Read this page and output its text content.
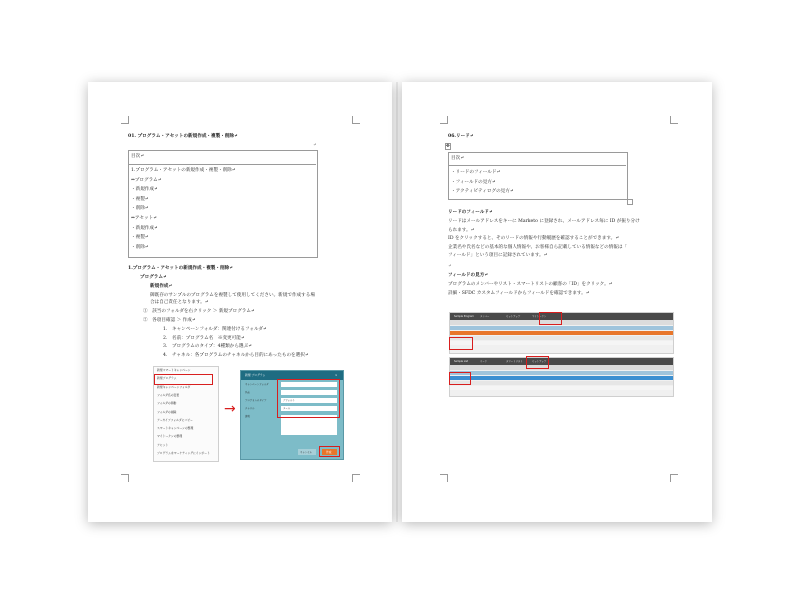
01. プログラム・アセットの新規作成・複製・削除↵
↵
目次↵
1.プログラム・アセットの新規作成・複製・削除↵
⇔プログラム↵
・新規作成↵
・複製↵
・削除↵
⇔アセット↵
・新規作成↵
・複製↵
・削除↵
1.プログラム・アセットの新規作成・複製・削除↵
プログラム↵
新規作成↵
御既存のサンプルのプログラムを複製して使用してください。新規で作成する場
合は自己責任となります。↵
①　該当のフォルダを右クリック ＞ 新規プログラム↵
②　各項目確認 ＞ 作成↵
1.　キャンペーンフォルダ：関連付けるフォルダ↵
2.　名前：プログラム名　※変更可能↵
3.　プログラムのタイプ：4種類から選ぶ↵
4.　チャネル：各プログラムのチャネルから目的にあったものを選択↵
新規スマートキャンペーン
新規プログラム
新規キャンペーンフォルダ
フォルダ名の変更
フォルダの移動
フォルダの削除
アーカイブフォルダにコピー
スマートキャンペーンの整理
マイトークンの整理
アセット
プログラムをマーケティングにインポート
→
新規 プログラム	×
キャンペーンフォルダ
名前
プログラムのタイプ	デフォルト
チャネル	メール
説明
キャンセル	作成
06.リード↵
✥
目次↵
・リードのフィールド↵
・フィールドの見方↵
・アクティビティログの見方↵
リードのフィールド↵
リードはメールアドレスをキーに Marketo に登録され、メールアドレス毎に ID が振り分け
られます。↵
ID をクリックすると、そのリードの情報や行動履歴を確認することができます。↵
企業名や氏名などの基本的な個人情報や、お客様自ら記載している情報などの情報は「
フィールド」という項目に記録されています。↵
↵
フィールドの見方↵
プログラムのメンバーやリスト・スマートリストの顧客の「ID」をクリック。↵
詳細・SFDC カスタムフィールドからフィールドを確認できます。↵
Sample Program	メンバー	セットアップ	マイトークン
Sample List	リード	スマートリスト	セットアップ
